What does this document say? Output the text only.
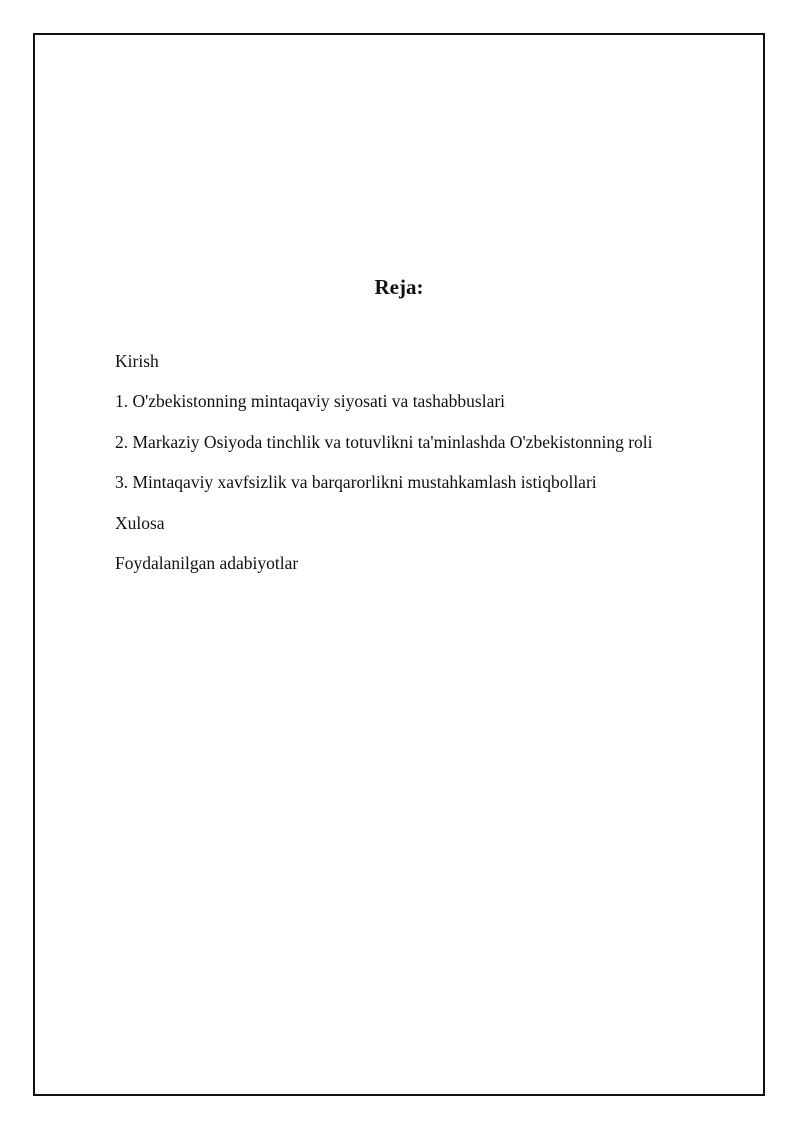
Reja:
Kirish
1. O'zbekistonning mintaqaviy siyosati va tashabbuslari
2. Markaziy Osiyoda tinchlik va totuvlikni ta'minlashda O'zbekistonning roli
3. Mintaqaviy xavfsizlik va barqarorlikni mustahkamlash istiqbollari
Xulosa
Foydalanilgan adabiyotlar
